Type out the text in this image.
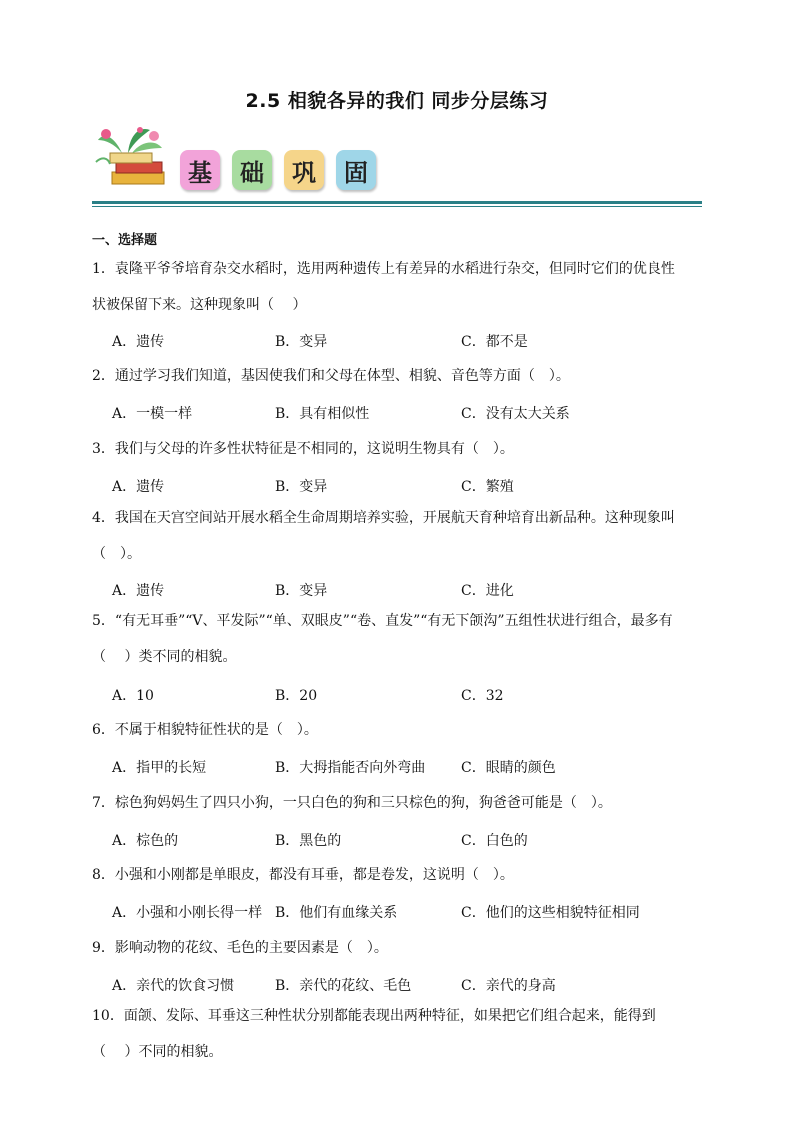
2.5 相貌各异的我们 同步分层练习
基	础	巩	固
一、选择题
1．袁隆平爷爷培育杂交水稻时，选用两种遗传上有差异的水稻进行杂交，但同时它们的优良性
状被保留下来。这种现象叫（　 ）
A．遗传	B．变异	C．都不是
2．通过学习我们知道，基因使我们和父母在体型、相貌、音色等方面（　）。
A．一模一样	B．具有相似性	C．没有太大关系
3．我们与父母的许多性状特征是不相同的，这说明生物具有（　）。
A．遗传	B．变异	C．繁殖
4．我国在天宫空间站开展水稻全生命周期培养实验，开展航天育种培育出新品种。这种现象叫
（　）。
A．遗传	B．变异	C．进化
5．“有无耳垂”“V、平发际”“单、双眼皮”“卷、直发”“有无下颌沟”五组性状进行组合，最多有
（　 ）类不同的相貌。
A．10	B．20	C．32
6．不属于相貌特征性状的是（　）。
A．指甲的长短	B．大拇指能否向外弯曲	C．眼睛的颜色
7．棕色狗妈妈生了四只小狗，一只白色的狗和三只棕色的狗，狗爸爸可能是（　）。
A．棕色的	B．黑色的	C．白色的
8．小强和小刚都是单眼皮，都没有耳垂，都是卷发，这说明（　）。
A．小强和小刚长得一样 B．他们有血缘关系	C．他们的这些相貌特征相同
9．影响动物的花纹、毛色的主要因素是（　）。
A．亲代的饮食习惯	B．亲代的花纹、毛色	C．亲代的身高
10．面颌、发际、耳垂这三种性状分别都能表现出两种特征，如果把它们组合起来，能得到
（　 ）不同的相貌。
